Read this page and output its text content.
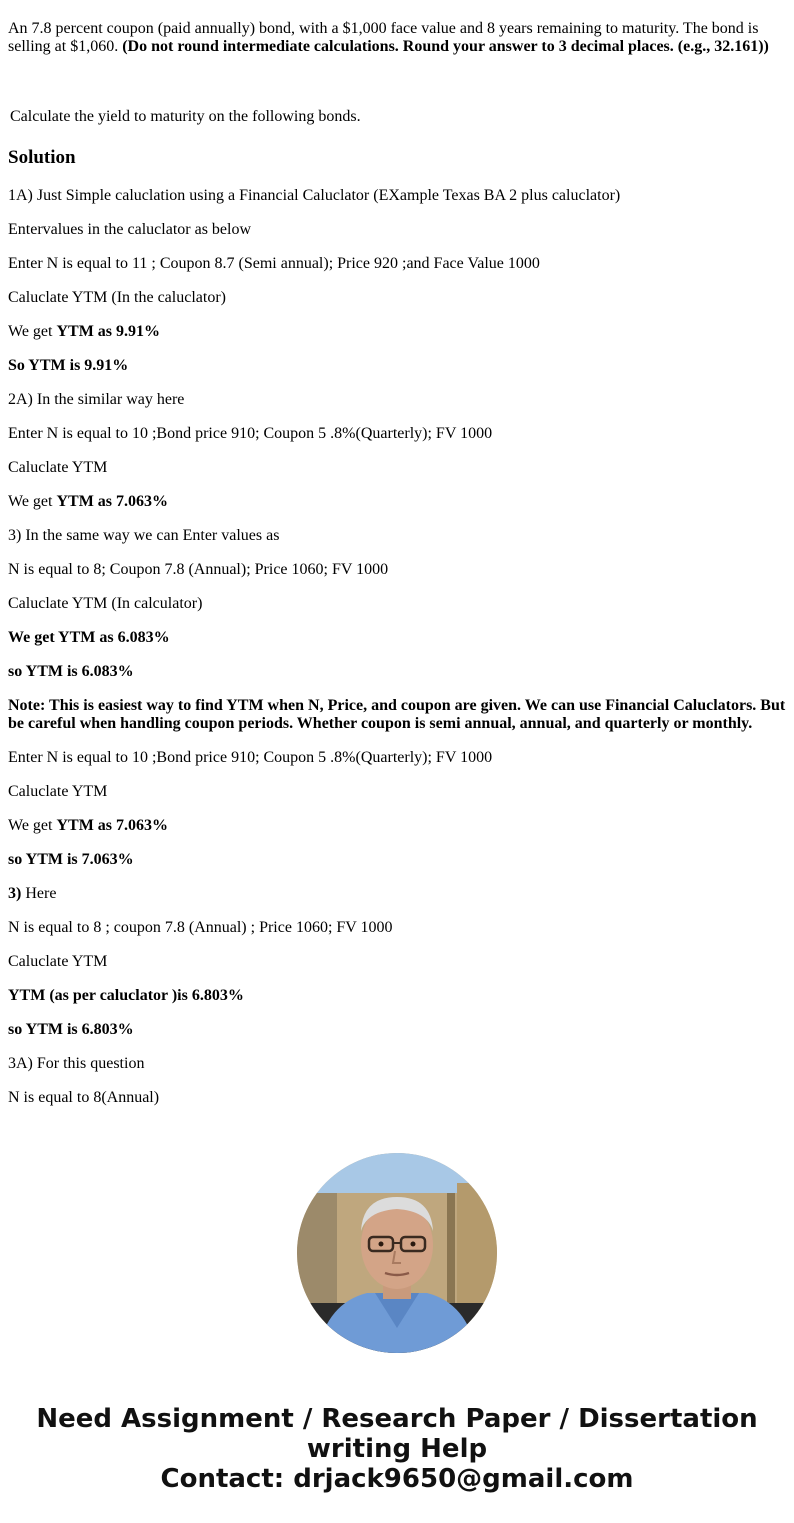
An 7.8 percent coupon (paid annually) bond, with a $1,000 face value and 8 years remaining to maturity. The bond is selling at $1,060. (Do not round intermediate calculations. Round your answer to 3 decimal places. (e.g., 32.161))

Calculate the yield to maturity on the following bonds.

Solution

1A) Just Simple caluclation using a Financial Caluclator (EXample Texas BA 2 plus caluclator)

Entervalues in the caluclator as below

Enter N is equal to 11 ; Coupon 8.7 (Semi annual); Price 920 ;and Face Value 1000

Caluclate YTM (In the caluclator)

We get YTM as 9.91%

So YTM is 9.91%

2A) In the similar way here

Enter N is equal to 10 ;Bond price 910; Coupon 5 .8%(Quarterly); FV 1000

Caluclate YTM

We get YTM as 7.063%

3) In the same way we can Enter values as

N is equal to 8; Coupon 7.8 (Annual); Price 1060; FV 1000

Caluclate YTM (In calculator)

We get YTM as 6.083%

so YTM is 6.083%

Note: This is easiest way to find YTM when N, Price, and coupon are given. We can use Financial Caluclators. But be careful when handling coupon periods. Whether coupon is semi annual, annual, and quarterly or monthly.

Enter N is equal to 10 ;Bond price 910; Coupon 5 .8%(Quarterly); FV 1000

Caluclate YTM

We get YTM as 7.063%

so YTM is 7.063%

3) Here

N is equal to 8 ; coupon 7.8 (Annual) ; Price 1060; FV 1000

Caluclate YTM

YTM (as per caluclator )is 6.803%

so YTM is 6.803%

3A) For this question

N is equal to 8(Annual)

Need Assignment / Research Paper / Dissertation
writing Help
Contact: drjack9650@gmail.com
